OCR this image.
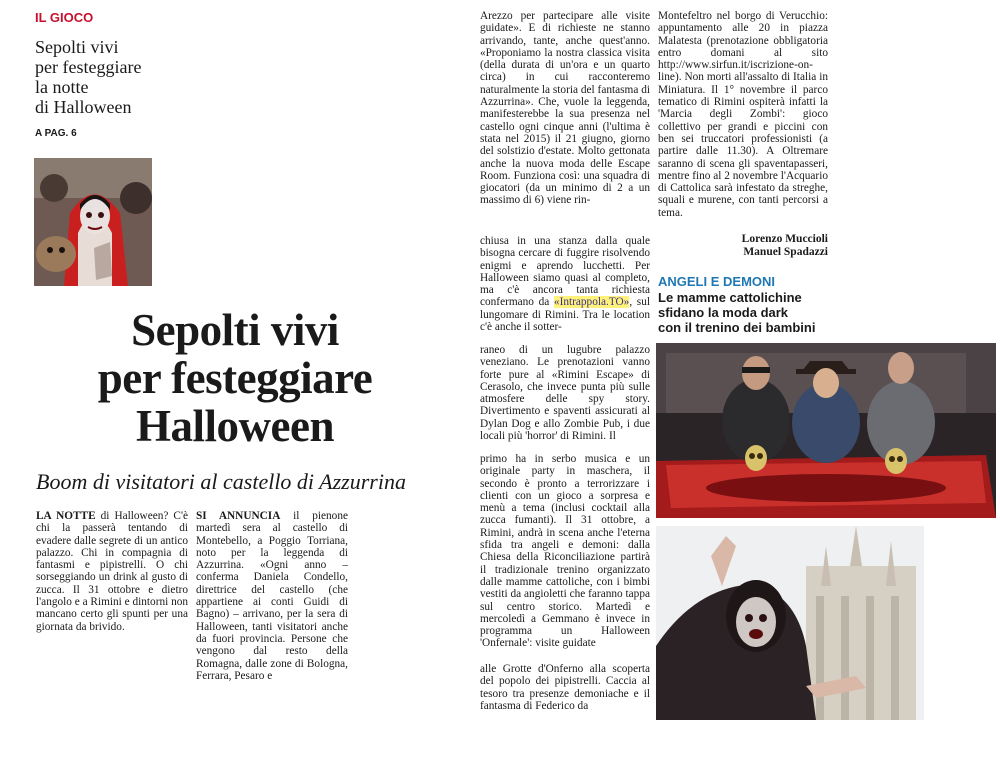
IL GIOCO
Sepolti vivi
per festeggiare
la notte
di Halloween
A PAG. 6
Sepolti vivi
per festeggiare
Halloween
Boom di visitatori al castello di Azzurrina

LA NOTTE di Halloween? C'è chi la passerà tentando di evadere dalle segrete di un antico palazzo. Chi in compagnia di fantasmi e pipistrelli. O chi sorseggiando un drink al gusto di zucca. Il 31 ottobre e dietro l'angolo e a Rimini e dintorni non mancano certo gli spunti per una giornata da brivido.

SI ANNUNCIA il pienone martedì sera al castello di Montebello, a Poggio Torriana, noto per la leggenda di Azzurrina. «Ogni anno – conferma Daniela Condello, direttrice del castello (che appartiene ai conti Guidi di Bagno) – arrivano, per la sera di Halloween, tanti visitatori anche da fuori provincia. Persone che vengono dal resto della Romagna, dalle zone di Bologna, Ferrara, Pesaro e

Arezzo per partecipare alle visite guidate». E di richieste ne stanno arrivando, tante, anche quest'anno. «Proponiamo la nostra classica visita (della durata di un'ora e un quarto circa) in cui racconteremo naturalmente la storia del fantasma di Azzurrina». Che, vuole la leggenda, manifesterebbe la sua presenza nel castello ogni cinque anni (l'ultima è stata nel 2015) il 21 giugno, giorno del solstizio d'estate. Molto gettonata anche la nuova moda delle Escape Room. Funziona così: una squadra di giocatori (da un minimo di 2 a un massimo di 6) viene rin-

chiusa in una stanza dalla quale bisogna cercare di fuggire risolvendo enigmi e aprendo lucchetti. Per Halloween siamo quasi al completo, ma c'è ancora tanta richiesta confermano da «Intrappola.TO», sul lungomare di Rimini. Tra le location c'è anche il sotter-

raneo di un lugubre palazzo veneziano. Le prenotazioni vanno forte pure al «Rimini Escape» di Cerasolo, che invece punta più sulle atmosfere delle spy story. Divertimento e spaventi assicurati al Dylan Dog e allo Zombie Pub, i due locali più 'horror' di Rimini. Il

primo ha in serbo musica e un originale party in maschera, il secondo è pronto a terrorizzare i clienti con un gioco a sorpresa e menù a tema (inclusi cocktail alla zucca fumanti). Il 31 ottobre, a Rimini, andrà in scena anche l'eterna sfida tra angeli e demoni: dalla Chiesa della Riconciliazione partirà il tradizionale trenino organizzato dalle mamme cattoliche, con i bimbi vestiti da angioletti che faranno tappa sul centro storico. Martedì e mercoledì a Gemmano è invece in programma un Halloween 'Onfernale': visite guidate

alle Grotte d'Onferno alla scoperta del popolo dei pipistrelli. Caccia al tesoro tra presenze demoniache e il fantasma di Federico da

Montefeltro nel borgo di Verucchio: appuntamento alle 20 in piazza Malatesta (prenotazione obbligatoria entro domani al sito http://www.sirfun.it/iscrizione-on-line). Non morti all'assalto di Italia in Miniatura. Il 1° novembre il parco tematico di Rimini ospiterà infatti la 'Marcia degli Zombi': gioco collettivo per grandi e piccini con ben sei truccatori professionisti (a partire dalle 11.30). A Oltremare saranno di scena gli spaventapasseri, mentre fino al 2 novembre l'Acquario di Cattolica sarà infestato da streghe, squali e murene, con tanti percorsi a tema.

Lorenzo Muccioli
Manuel Spadazzi
ANGELI E DEMONI
Le mamme cattolichine
sfidano la moda dark
con il trenino dei bambini
